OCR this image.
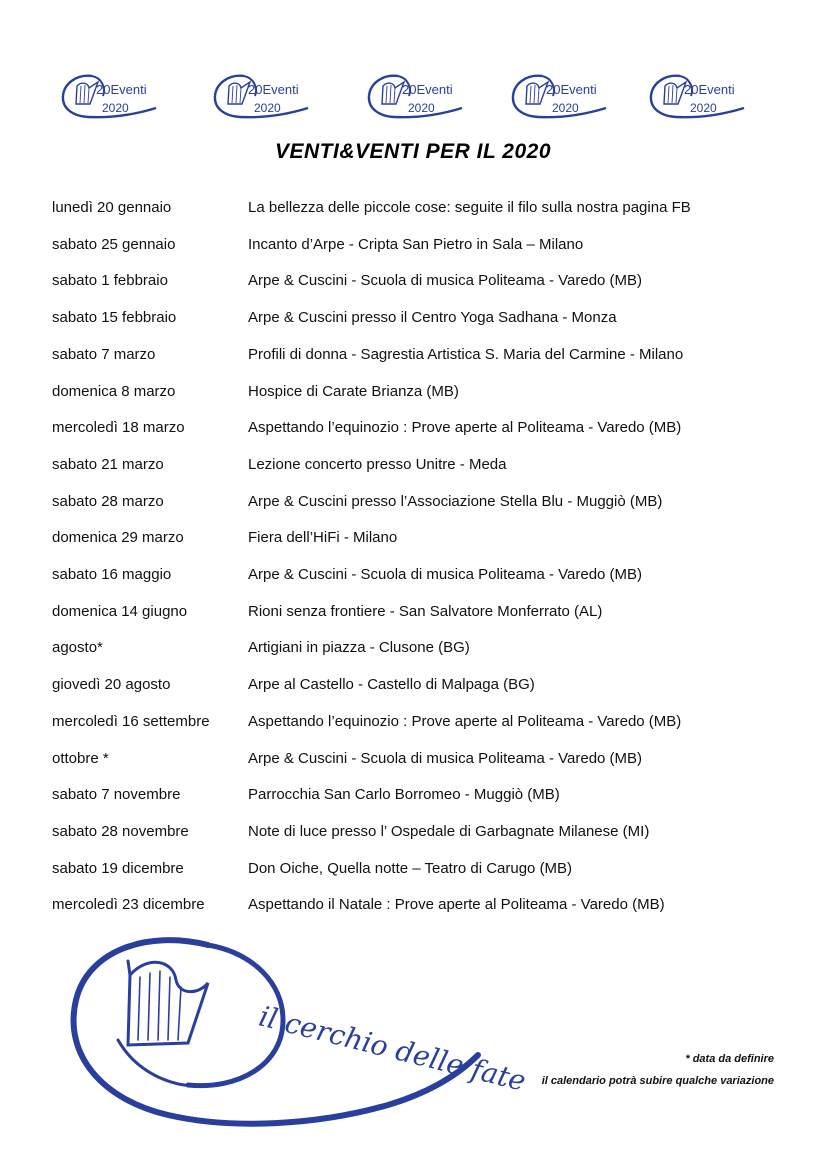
20Eventi
2020
20Eventi
2020
20Eventi
2020
20Eventi
2020
20Eventi
2020
VENTI&VENTI PER IL 2020
lunedì 20 gennaio	La bellezza delle piccole cose: seguite il filo sulla nostra pagina FB
sabato 25 gennaio	Incanto d’Arpe - Cripta San Pietro in Sala – Milano
sabato 1 febbraio	Arpe & Cuscini - Scuola di musica Politeama - Varedo (MB)
sabato 15 febbraio	Arpe & Cuscini presso il Centro Yoga Sadhana - Monza
sabato 7 marzo	Profili di donna - Sagrestia Artistica S. Maria del Carmine - Milano
domenica 8 marzo	Hospice di Carate Brianza (MB)
mercoledì 18 marzo	Aspettando l’equinozio : Prove aperte al Politeama - Varedo (MB)
sabato 21 marzo	Lezione concerto presso Unitre - Meda
sabato 28 marzo	Arpe & Cuscini presso l’Associazione Stella Blu - Muggiò (MB)
domenica 29 marzo	Fiera dell’HiFi - Milano
sabato 16 maggio	Arpe & Cuscini - Scuola di musica Politeama - Varedo (MB)
domenica 14 giugno	Rioni senza frontiere - San Salvatore Monferrato (AL)
agosto*	Artigiani in piazza - Clusone (BG)
giovedì 20 agosto	Arpe al Castello - Castello di Malpaga (BG)
mercoledì 16 settembre	Aspettando l’equinozio : Prove aperte al Politeama - Varedo (MB)
ottobre *	Arpe & Cuscini - Scuola di musica Politeama - Varedo (MB)
sabato 7 novembre	Parrocchia San Carlo Borromeo - Muggiò (MB)
sabato 28 novembre	Note di luce presso l’ Ospedale di Garbagnate Milanese (MI)
sabato 19 dicembre	Don Oiche, Quella notte – Teatro di Carugo (MB)
mercoledì 23 dicembre	Aspettando il Natale : Prove aperte al Politeama - Varedo (MB)
il cerchio delle fate	* data da definire
il calendario potrà subire qualche variazione
